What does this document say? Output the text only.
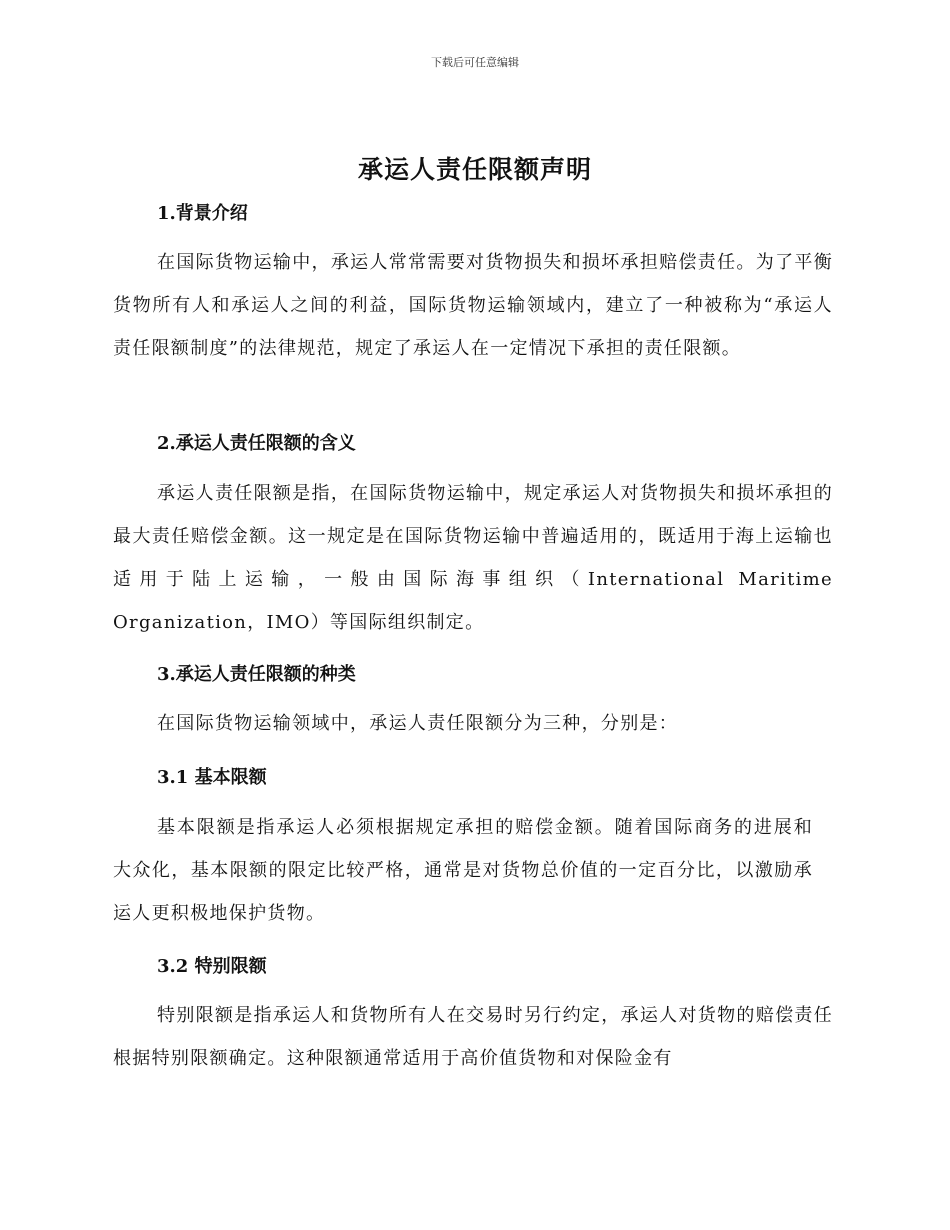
下载后可任意编辑
承运人责任限额声明
1.背景介绍
在国际货物运输中，承运人常常需要对货物损失和损坏承担赔偿责任。为了平衡货物所有人和承运人之间的利益，国际货物运输领域内，建立了一种被称为“承运人责任限额制度”的法律规范，规定了承运人在一定情况下承担的责任限额。
2.承运人责任限额的含义
承运人责任限额是指，在国际货物运输中，规定承运人对货物损失和损坏承担的最大责任赔偿金额。这一规定是在国际货物运输中普遍适用的，既适用于海上运输也适用于陆上运输，一般由国际海事组织（International Maritime Organization，IMO）等国际组织制定。
3.承运人责任限额的种类
在国际货物运输领域中，承运人责任限额分为三种，分别是：
3.1 基本限额
基本限额是指承运人必须根据规定承担的赔偿金额。随着国际商务的进展和大众化，基本限额的限定比较严格，通常是对货物总价值的一定百分比，以激励承运人更积极地保护货物。
3.2 特别限额
特别限额是指承运人和货物所有人在交易时另行约定，承运人对货物的赔偿责任根据特别限额确定。这种限额通常适用于高价值货物和对保险金有
